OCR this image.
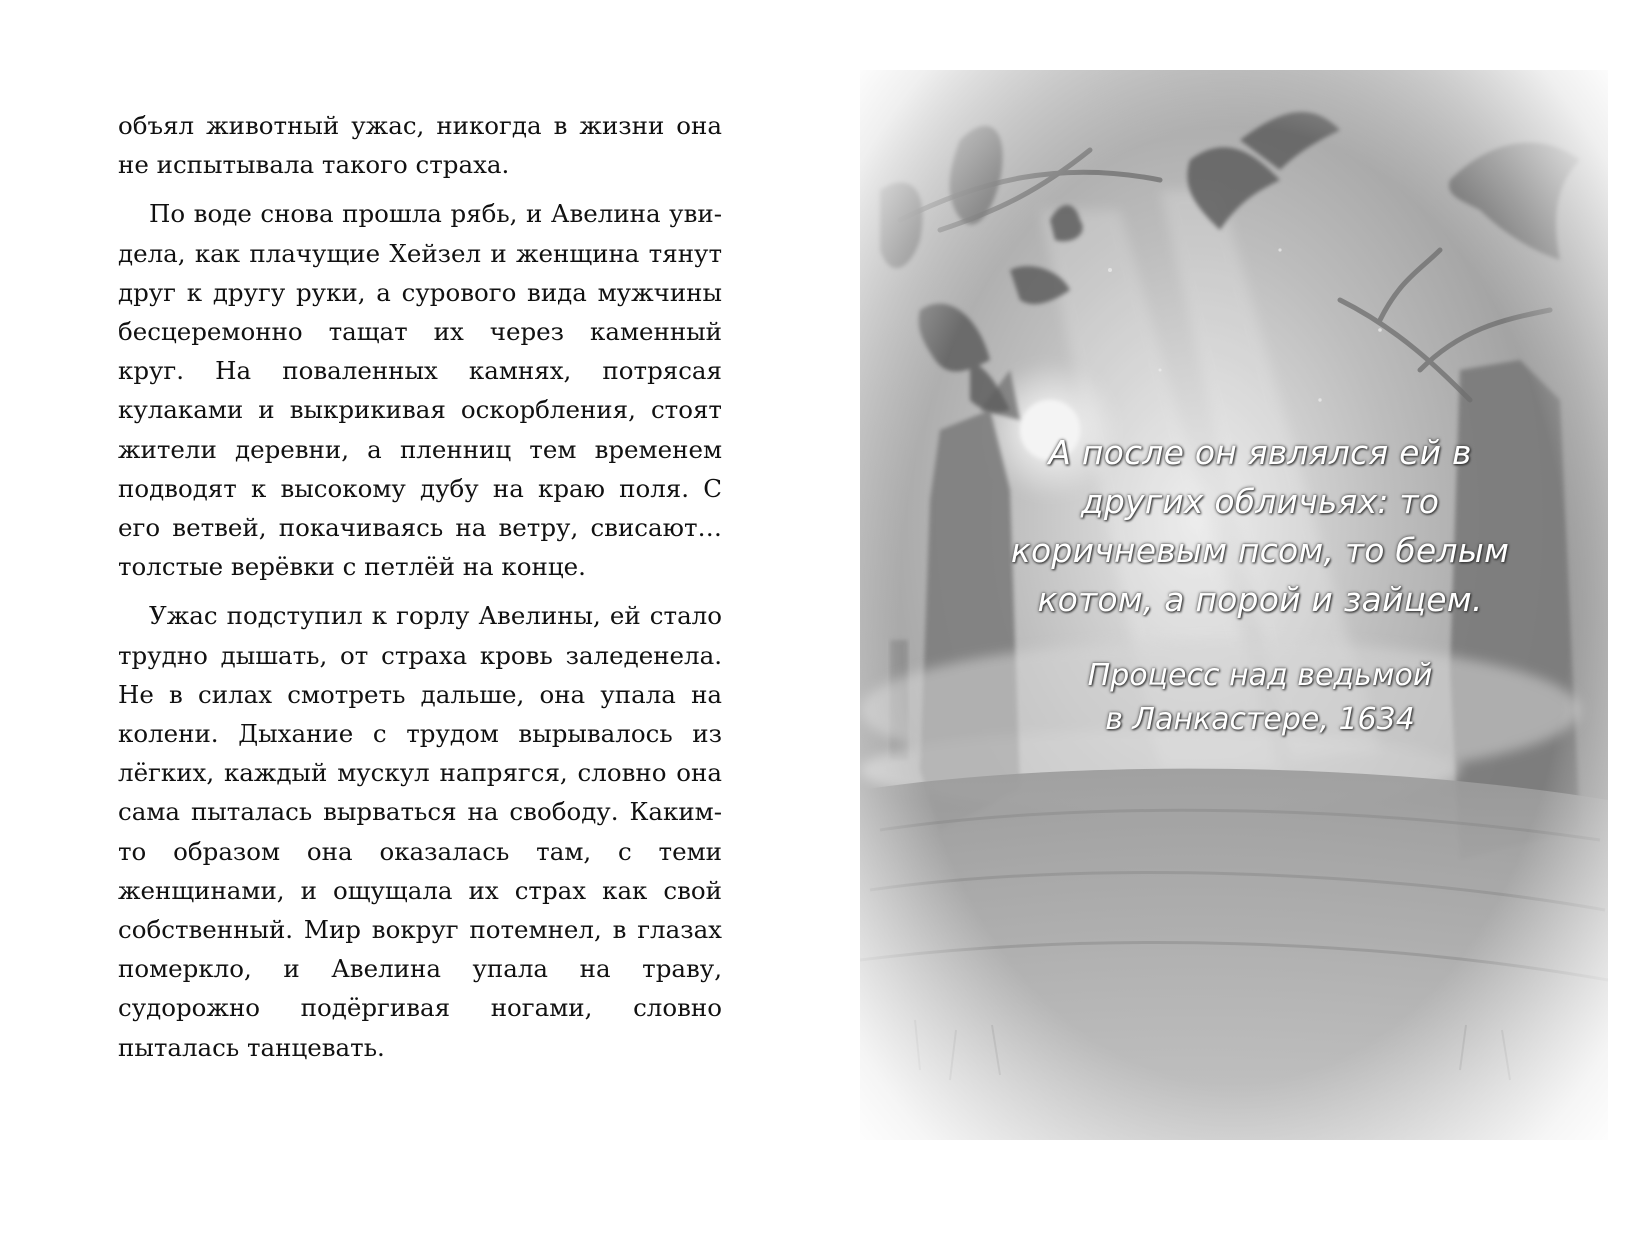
объял животный ужас, никогда в жизни она не испытывала такого страха.

По воде снова прошла рябь, и Авелина увидела, как плачущие Хейзел и женщина тянут друг к другу руки, а сурового вида мужчины бесцеремонно тащат их через каменный круг. На поваленных камнях, потрясая кулаками и выкрикивая оскорбления, стоят жители деревни, а пленниц тем временем подводят к высокому дубу на краю поля. С его ветвей, покачиваясь на ветру, свисают… толстые верёвки с петлёй на конце.

Ужас подступил к горлу Авелины, ей стало трудно дышать, от страха кровь заледенела. Не в силах смотреть дальше, она упала на колени. Дыхание с трудом вырывалось из лёгких, каждый мускул напрягся, словно она сама пыталась вырваться на свободу. Каким-то образом она оказалась там, с теми женщинами, и ощущала их страх как свой собственный. Мир вокруг потемнел, в глазах померкло, и Авелина упала на траву, судорожно подёргивая ногами, словно пыталась танцевать.

А после он являлся ей в других обличьях: то коричневым псом, то белым котом, а порой и зайцем.
Процесс над ведьмой
в Ланкастере, 1634
